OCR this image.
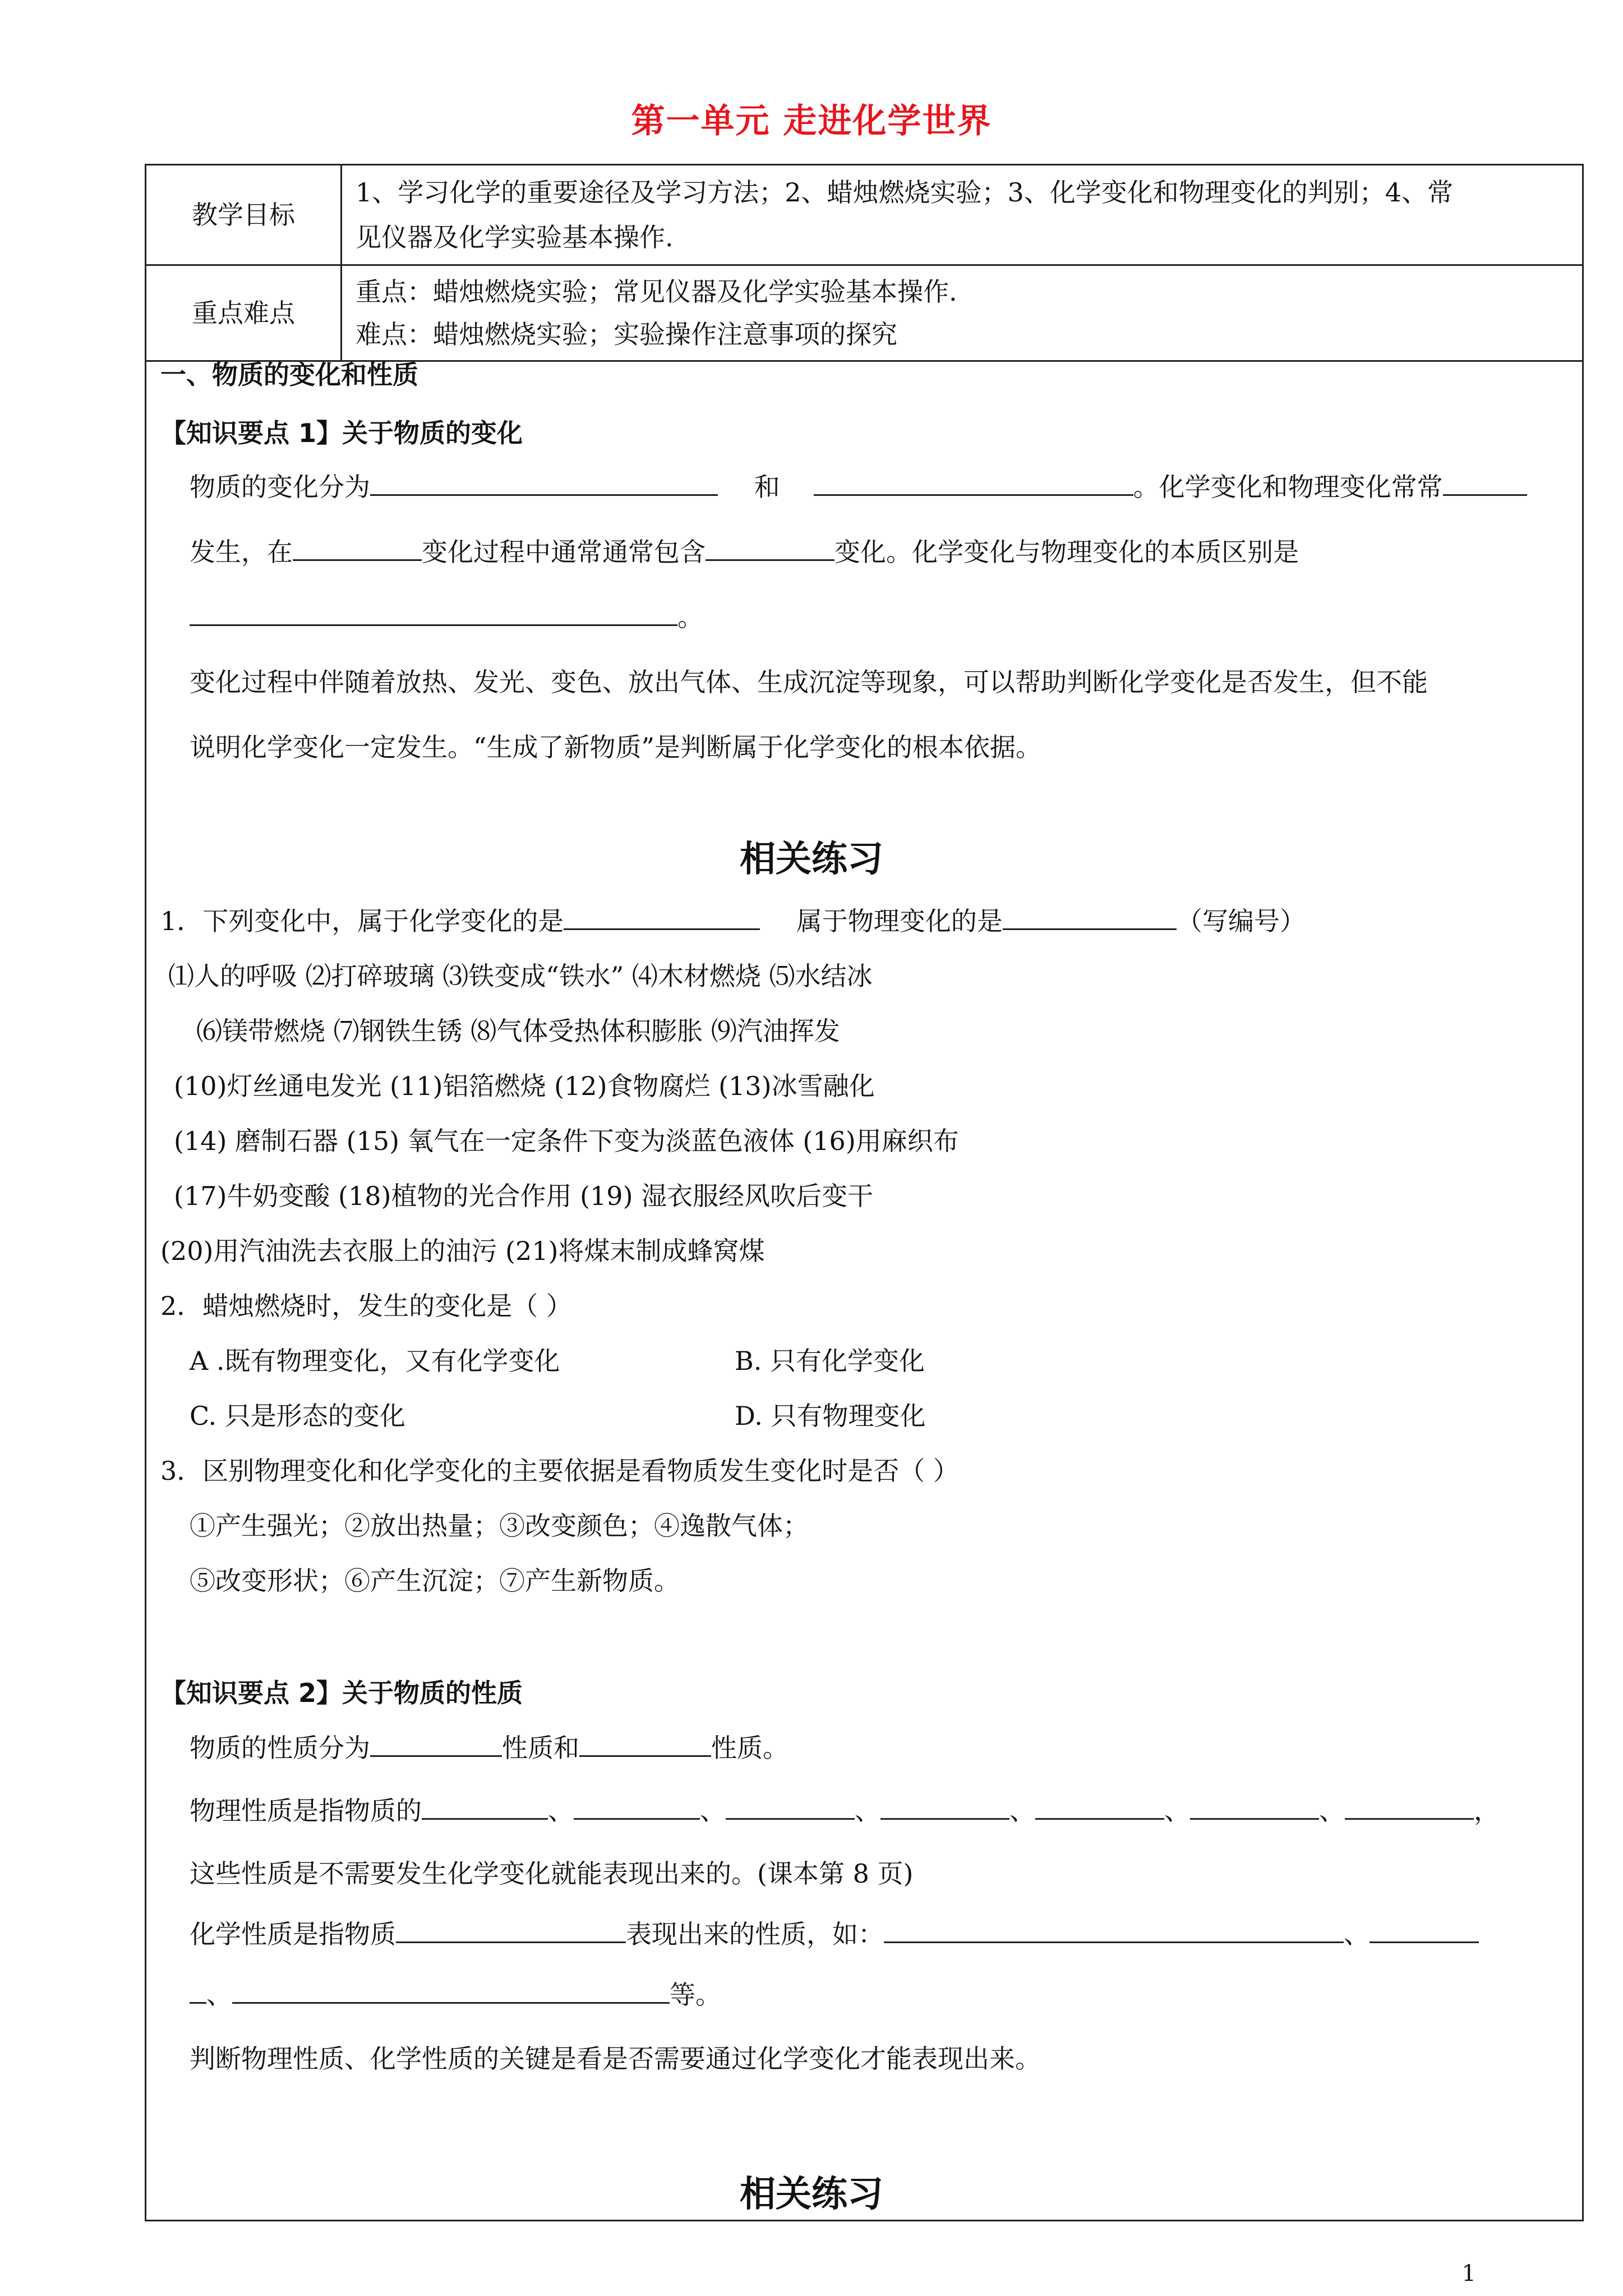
第一单元 走进化学世界
教学目标	1、学习化学的重要途径及学习方法；2、蜡烛燃烧实验；3、化学变化和物理变化的判别；4、常
见仪器及化学实验基本操作.

重点难点	重点：蜡烛燃烧实验；常见仪器及化学实验基本操作.
难点：蜡烛燃烧实验；实验操作注意事项的探究
一、物质的变化和性质
【知识要点 1】关于物质的变化
物质的变化分为	和	。化学变化和物理变化常常
发生，在	变化过程中通常通常包含	变化。化学变化与物理变化的本质区别是
。
变化过程中伴随着放热、发光、变色、放出气体、生成沉淀等现象，可以帮助判断化学变化是否发生，但不能
说明化学变化一定发生。“生成了新物质”是判断属于化学变化的根本依据。
相关练习
1．下列变化中，属于化学变化的是	属于物理变化的是	（写编号）
⑴人的呼吸 ⑵打碎玻璃 ⑶铁变成“铁水” ⑷木材燃烧 ⑸水结冰
⑹镁带燃烧 ⑺钢铁生锈 ⑻气体受热体积膨胀 ⑼汽油挥发
(10)灯丝通电发光 (11)铝箔燃烧 (12)食物腐烂 (13)冰雪融化
(14) 磨制石器 (15) 氧气在一定条件下变为淡蓝色液体 (16)用麻织布
(17)牛奶变酸 (18)植物的光合作用 (19) 湿衣服经风吹后变干
(20)用汽油洗去衣服上的油污 (21)将煤末制成蜂窝煤
2．蜡烛燃烧时，发生的变化是（ ）
A .既有物理变化，又有化学变化	B. 只有化学变化
C. 只是形态的变化	D. 只有物理变化
3．区别物理变化和化学变化的主要依据是看物质发生变化时是否（ ）
①产生强光；②放出热量；③改变颜色；④逸散气体；
⑤改变形状；⑥产生沉淀；⑦产生新物质。
【知识要点 2】关于物质的性质
物质的性质分为	性质和	性质。
物理性质是指物质的	、	、	、	、	、	、	，
这些性质是不需要发生化学变化就能表现出来的。(课本第 8 页)
化学性质是指物质	表现出来的性质，如：	、
、	等。
判断物理性质、化学性质的关键是看是否需要通过化学变化才能表现出来。
相关练习
1
